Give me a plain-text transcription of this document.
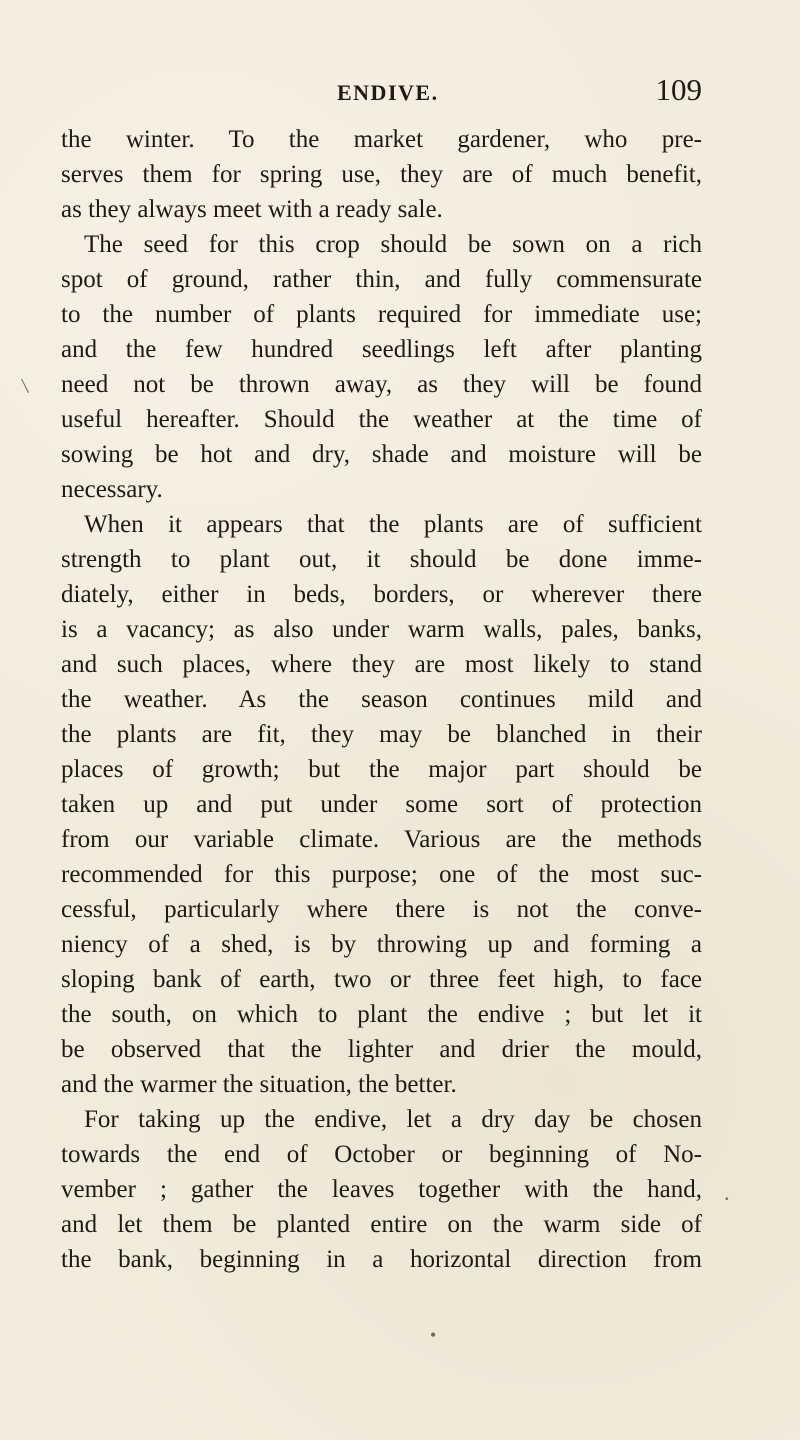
ENDIVE.	109
\
.
•
the winter. To the market gardener, who pre-
serves them for spring use, they are of much benefit,
as they always meet with a ready sale.
The seed for this crop should be sown on a rich
spot of ground, rather thin, and fully commensurate
to the number of plants required for immediate use;
and the few hundred seedlings left after planting
need not be thrown away, as they will be found
useful hereafter. Should the weather at the time of
sowing be hot and dry, shade and moisture will be
necessary.
When it appears that the plants are of sufficient
strength to plant out, it should be done imme-
diately, either in beds, borders, or wherever there
is a vacancy; as also under warm walls, pales, banks,
and such places, where they are most likely to stand
the weather. As the season continues mild and
the plants are fit, they may be blanched in their
places of growth; but the major part should be
taken up and put under some sort of protection
from our variable climate. Various are the methods
recommended for this purpose; one of the most suc-
cessful, particularly where there is not the conve-
niency of a shed, is by throwing up and forming a
sloping bank of earth, two or three feet high, to face
the south, on which to plant the endive ; but let it
be observed that the lighter and drier the mould,
and the warmer the situation, the better.
For taking up the endive, let a dry day be chosen
towards the end of October or beginning of No-
vember ; gather the leaves together with the hand,
and let them be planted entire on the warm side of
the bank, beginning in a horizontal direction from
